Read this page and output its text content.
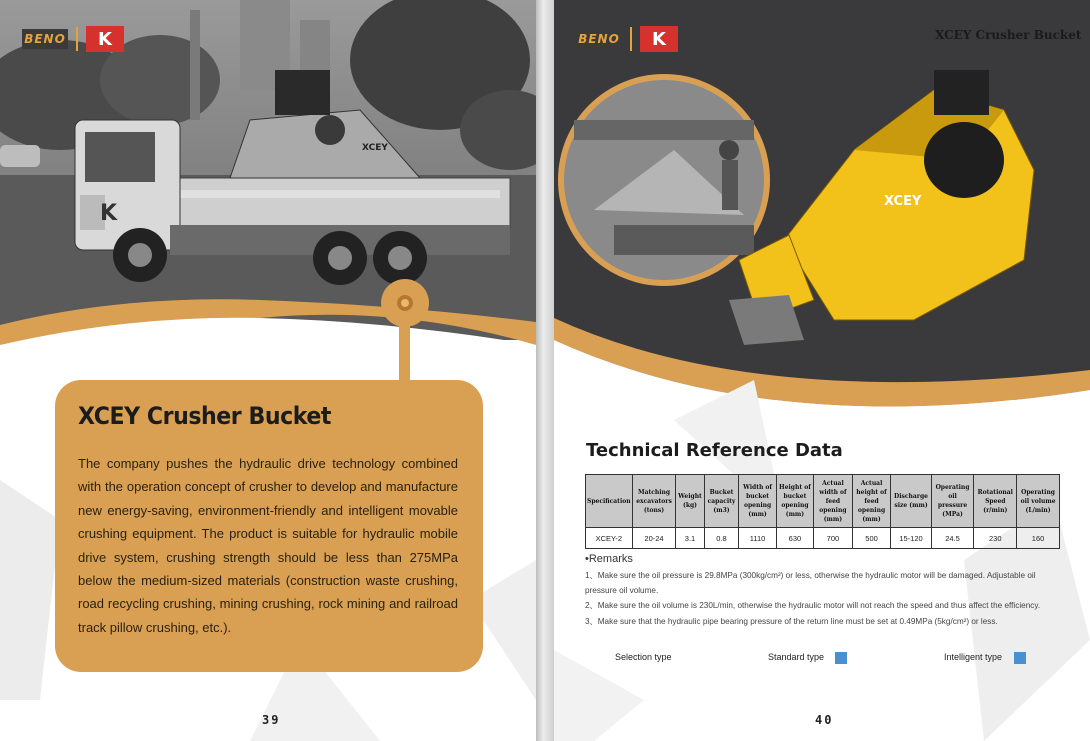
K
XCEY
BENO	K
XCEY Crusher Bucket
The company pushes the hydraulic drive technology combined with the operation concept of crusher to develop and manufacture new energy-saving, environment-friendly and intelligent movable crushing equipment. The product is suitable for hydraulic mobile drive system, crushing strength should be less than 275MPa below the medium-sized materials (construction waste crushing, road recycling crushing, mining crushing, rock mining and railroad track pillow crushing, etc.).
39
XCEY
BENO	K	XCEY Crusher Bucket
Technical Reference Data
Specification	Matching excavators (tons)	Weight (kg)	Bucket capacity (m3)	Width of bucket opening (mm)	Height of bucket opening (mm)	Actual width of feed opening (mm)	Actual height of feed opening (mm)	Discharge size (mm)	Operating oil pressure (MPa)	Rotational Speed (r/min)	Operating oil volume (L/min)
XCEY-2	20-24	3.1	0.8	1110	630	700	500	15-120	24.5	230	160
•Remarks
1、Make sure the oil pressure is 29.8MPa (300kg/cm²) or less, otherwise the hydraulic motor will be damaged. Adjustable oil pressure oil volume.
2、Make sure the oil volume is 230L/min, otherwise the hydraulic motor will not reach the speed and thus affect the efficiency.
3、Make sure that the hydraulic pipe bearing pressure of the return line must be set at 0.49MPa (5kg/cm²) or less.
Selection type	Standard type	Intelligent type
40
